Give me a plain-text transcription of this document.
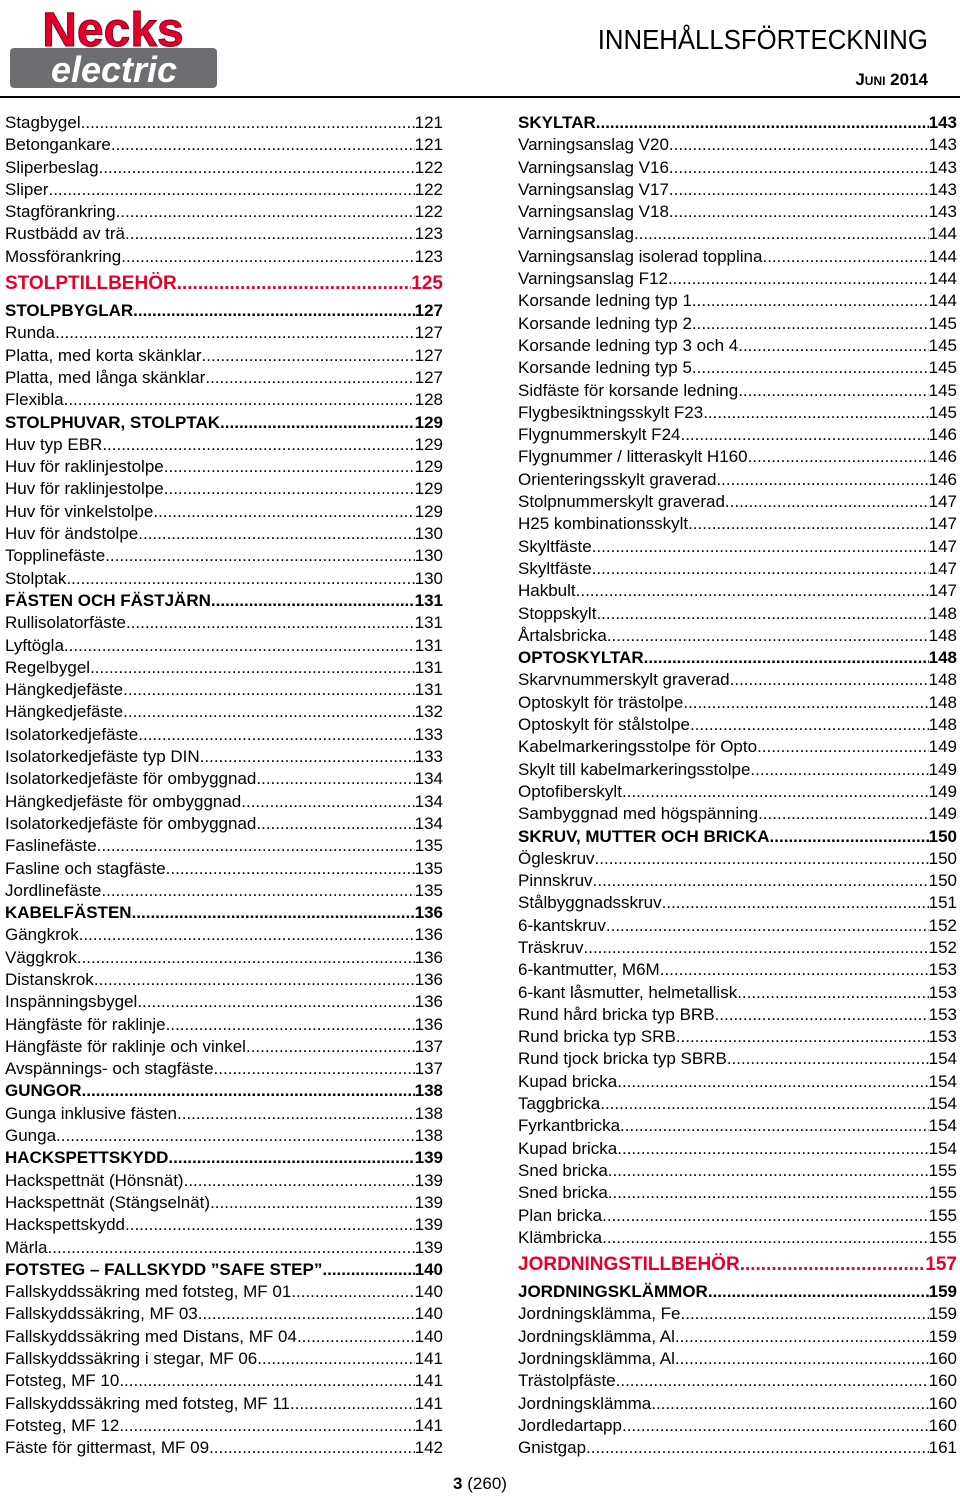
Necks
electric
INNEHÅLLSFÖRTECKNING
Juni 2014
Stagbygel .....	121
Betongankare .....	121
Sliperbeslag .....	122
Sliper .....	122
Stagförankring .....	122
Rustbädd av trä .....	123
Mossförankring .....	123
STOLPTILLBEHÖR .....	125
STOLPBYGLAR .....	127
Runda .....	127
Platta, med korta skänklar .....	127
Platta, med långa skänklar .....	127
Flexibla .....	128
STOLPHUVAR, STOLPTAK .....	129
Huv typ EBR .....	129
Huv för raklinjestolpe .....	129
Huv för raklinjestolpe .....	129
Huv för vinkelstolpe .....	129
Huv för ändstolpe .....	130
Topplinefäste .....	130
Stolptak .....	130
FÄSTEN OCH FÄSTJÄRN .....	131
Rullisolatorfäste .....	131
Lyftögla .....	131
Regelbygel .....	131
Hängkedjefäste .....	131
Hängkedjefäste .....	132
Isolatorkedjefäste .....	133
Isolatorkedjefäste typ DIN .....	133
Isolatorkedjefäste för ombyggnad .....	134
Hängkedjefäste för ombyggnad .....	134
Isolatorkedjefäste för ombyggnad .....	134
Faslinefäste .....	135
Fasline och stagfäste .....	135
Jordlinefäste .....	135
KABELFÄSTEN .....	136
Gängkrok .....	136
Väggkrok .....	136
Distanskrok .....	136
Inspänningsbygel .....	136
Hängfäste för raklinje .....	136
Hängfäste för raklinje och vinkel .....	137
Avspännings- och stagfäste .....	137
GUNGOR .....	138
Gunga inklusive fästen .....	138
Gunga .....	138
HACKSPETTSKYDD .....	139
Hackspettnät (Hönsnät) .....	139
Hackspettnät (Stängselnät) .....	139
Hackspettskydd .....	139
Märla .....	139
FOTSTEG – FALLSKYDD ”SAFE STEP” .....	140
Fallskyddssäkring med fotsteg, MF 01 .....	140
Fallskyddssäkring, MF 03 .....	140
Fallskyddssäkring med Distans, MF 04 .....	140
Fallskyddssäkring i stegar, MF 06 .....	141
Fotsteg, MF 10 .....	141
Fallskyddssäkring med fotsteg, MF 11 .....	141
Fotsteg, MF 12 .....	141
Fäste för gittermast, MF 09 .....	142
SKYLTAR .....	143
Varningsanslag V20 .....	143
Varningsanslag V16 .....	143
Varningsanslag V17 .....	143
Varningsanslag V18 .....	143
Varningsanslag .....	144
Varningsanslag isolerad topplina .....	144
Varningsanslag F12 .....	144
Korsande ledning typ 1 .....	144
Korsande ledning typ 2 .....	145
Korsande ledning typ 3 och 4 .....	145
Korsande ledning typ 5 .....	145
Sidfäste för korsande ledning .....	145
Flygbesiktningsskylt F23 .....	145
Flygnummerskylt F24 .....	146
Flygnummer / litteraskylt H160 .....	146
Orienteringsskylt graverad .....	146
Stolpnummerskylt graverad .....	147
H25 kombinationsskylt .....	147
Skyltfäste .....	147
Skyltfäste .....	147
Hakbult .....	147
Stoppskylt .....	148
Årtalsbricka .....	148
OPTOSKYLTAR .....	148
Skarvnummerskylt graverad .....	148
Optoskylt för trästolpe .....	148
Optoskylt för stålstolpe .....	148
Kabelmarkeringsstolpe för Opto .....	149
Skylt till kabelmarkeringsstolpe .....	149
Optofiberskylt .....	149
Sambyggnad med högspänning .....	149
SKRUV, MUTTER OCH BRICKA .....	150
Ögleskruv .....	150
Pinnskruv .....	150
Stålbyggnadsskruv .....	151
6-kantskruv .....	152
Träskruv .....	152
6-kantmutter, M6M .....	153
6-kant låsmutter, helmetallisk .....	153
Rund hård bricka typ BRB .....	153
Rund bricka typ SRB .....	153
Rund tjock bricka typ SBRB .....	154
Kupad bricka .....	154
Taggbricka .....	154
Fyrkantbricka .....	154
Kupad bricka .....	154
Sned bricka .....	155
Sned bricka .....	155
Plan bricka .....	155
Klämbricka .....	155
JORDNINGSTILLBEHÖR .....	157
JORDNINGSKLÄMMOR .....	159
Jordningsklämma, Fe .....	159
Jordningsklämma, Al .....	159
Jordningsklämma, Al .....	160
Trästolpfäste .....	160
Jordningsklämma .....	160
Jordledartapp .....	160
Gnistgap .....	161
3 (260)
